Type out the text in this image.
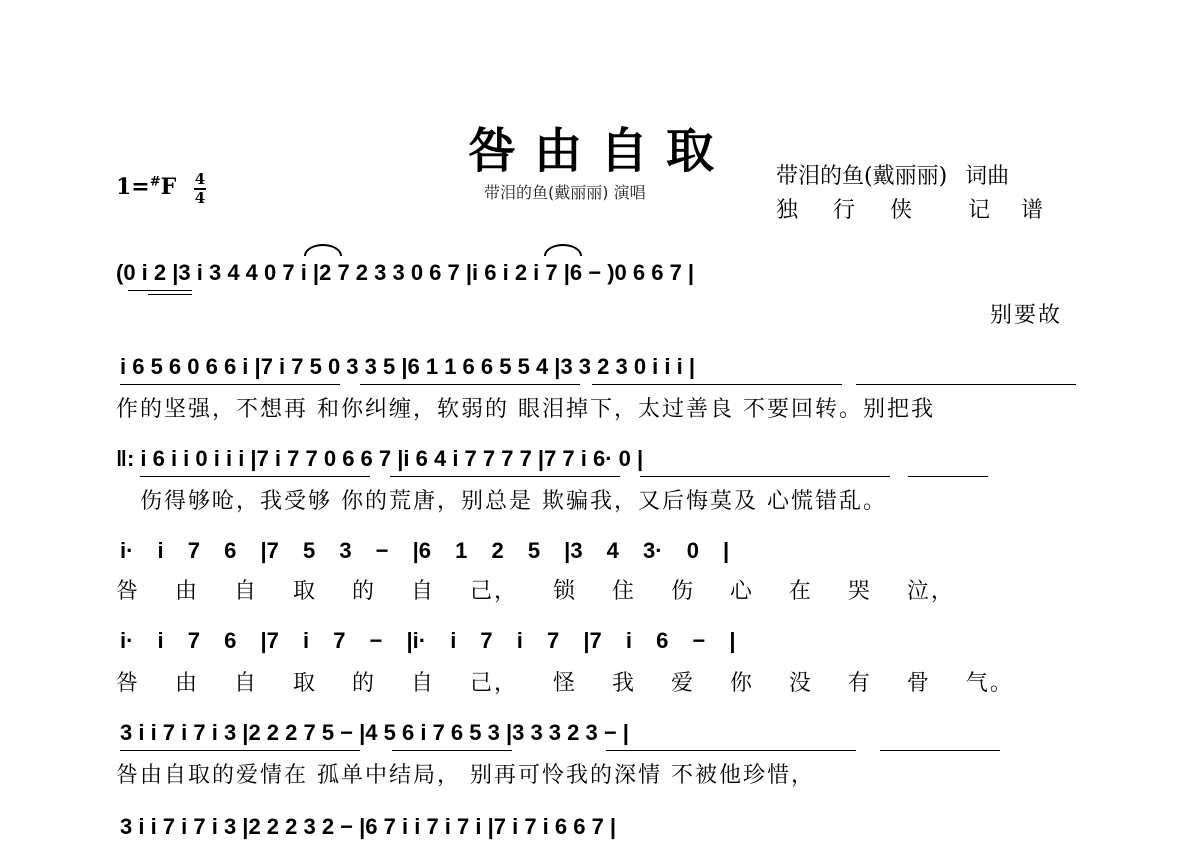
咎由自取
1=#F 4
4	带泪的鱼(戴丽丽) 演唱
带泪的鱼(戴丽丽) 词曲
独 行 侠 记 谱
(0 i 2 |3 i 3 4 4 0 7 i |2 7 2 3 3 0 6 7 |i 6 i 2 i 7 |6 − )0 6 6 7 |
别要故
i 6 5 6 0 6 6 i |7 i 7 5 0 3 3 5 |6 1 1 6 6 5 5 4 |3 3 2 3 0 i i i |
作的坚强，不想再 和你纠缠，软弱的 眼泪掉下，太过善良 不要回转。别把我
‖: i 6 i i 0 i i i |7 i 7 7 0 6 6 7 |i 6 4 i 7 7 7 7 |7 7 i 6· 0 |
伤得够呛，我受够 你的荒唐，别总是 欺骗我，又后悔莫及 心慌错乱。
i· i 7 6 |7 5 3 − |6 1 2 5 |3 4 3· 0 |
咎 由 自 取 的 自 己， 锁 住 伤 心 在 哭 泣，
i· i 7 6 |7 i 7 − |i· i 7 i 7 |7 i 6 − |
咎 由 自 取 的 自 己， 怪 我 爱 你 没 有 骨 气。
3 i i 7 i 7 i 3 |2 2 2 7 5 − |4 5 6 i 7 6 5 3 |3 3 3 2 3 − |
咎由自取的爱情在 孤单中结局， 别再可怜我的深情 不被他珍惜，
3 i i 7 i 7 i 3 |2 2 2 3 2 − |6 7 i i 7 i 7 i |7 i 7 i 6 6 7 |
